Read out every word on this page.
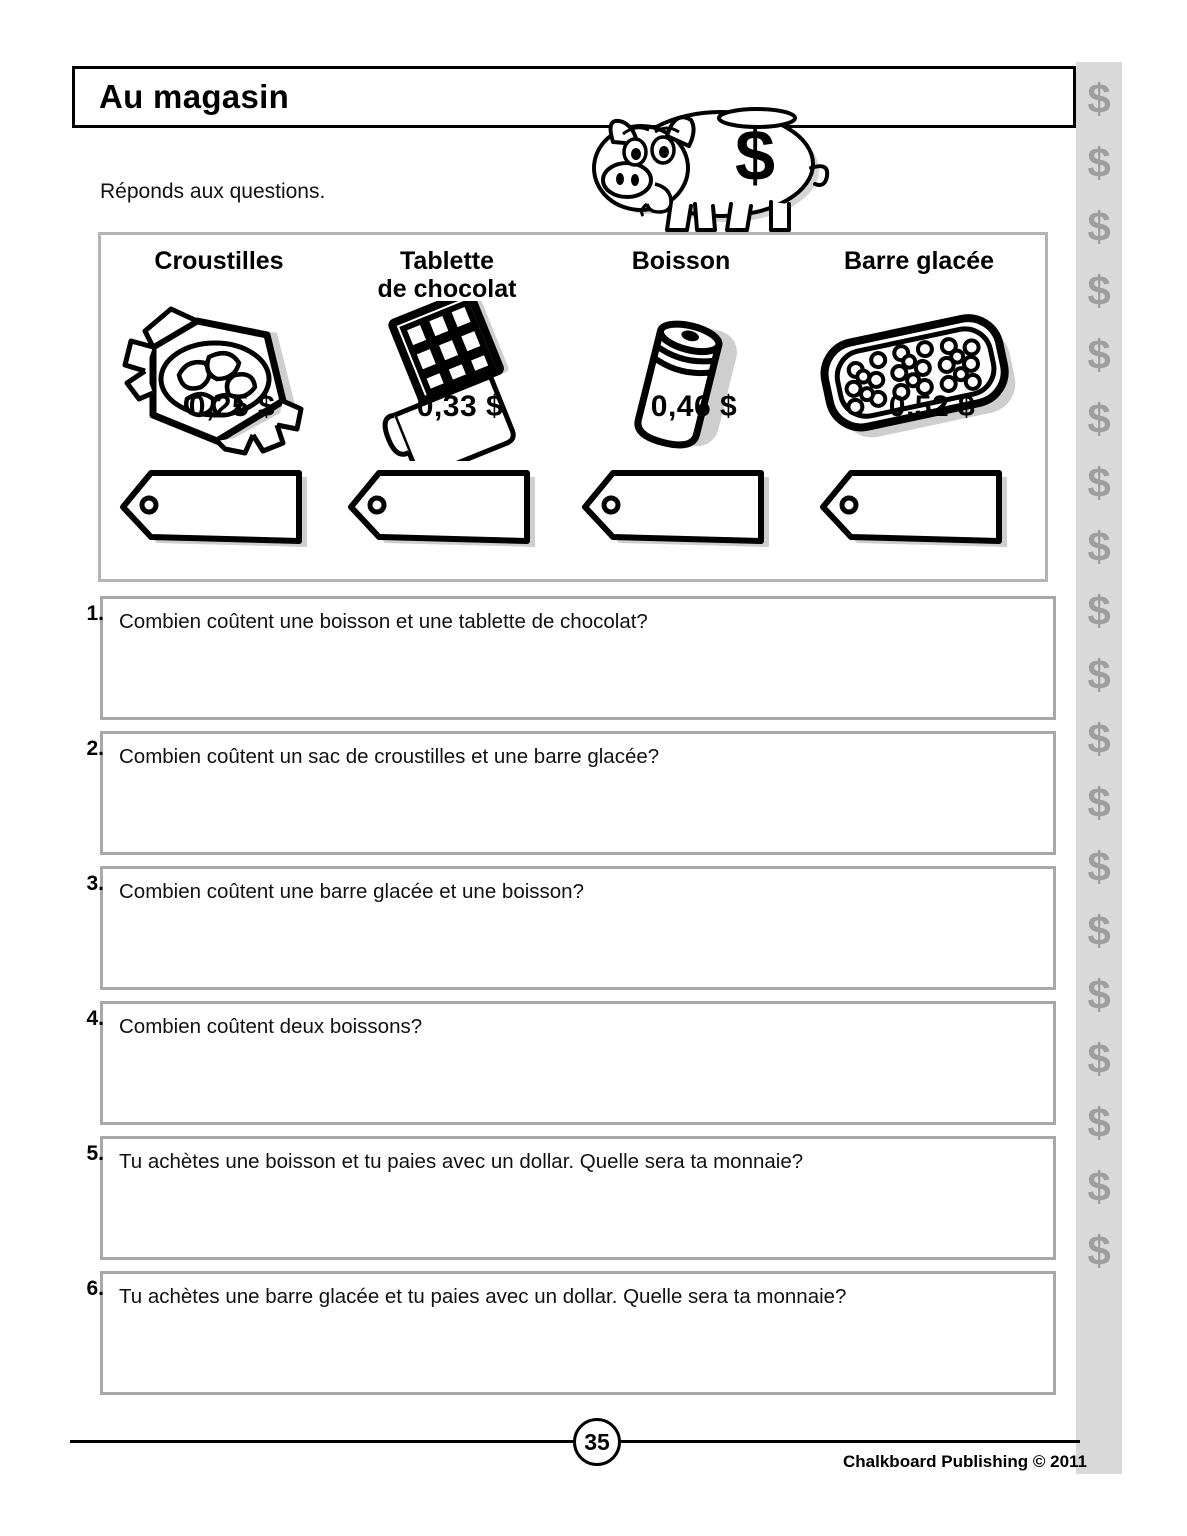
$
$
$
$
$
$
$
$
$
$
$
$
$
$
$
$
$
$
$
Au magasin
$
Réponds aux questions.
Croustilles
0,25 $
Tablette
de chocolat
0,33 $
Boisson
0,46 $
Barre glacée
0,52 $
1. Combien coûtent une boisson et une tablette de chocolat?
2. Combien coûtent un sac de croustilles et une barre glacée?
3. Combien coûtent une barre glacée et une boisson?
4. Combien coûtent deux boissons?
5. Tu achètes une boisson et tu paies avec un dollar. Quelle sera ta monnaie?
6. Tu achètes une barre glacée et tu paies avec un dollar. Quelle sera ta monnaie?
35
Chalkboard Publishing © 2011
